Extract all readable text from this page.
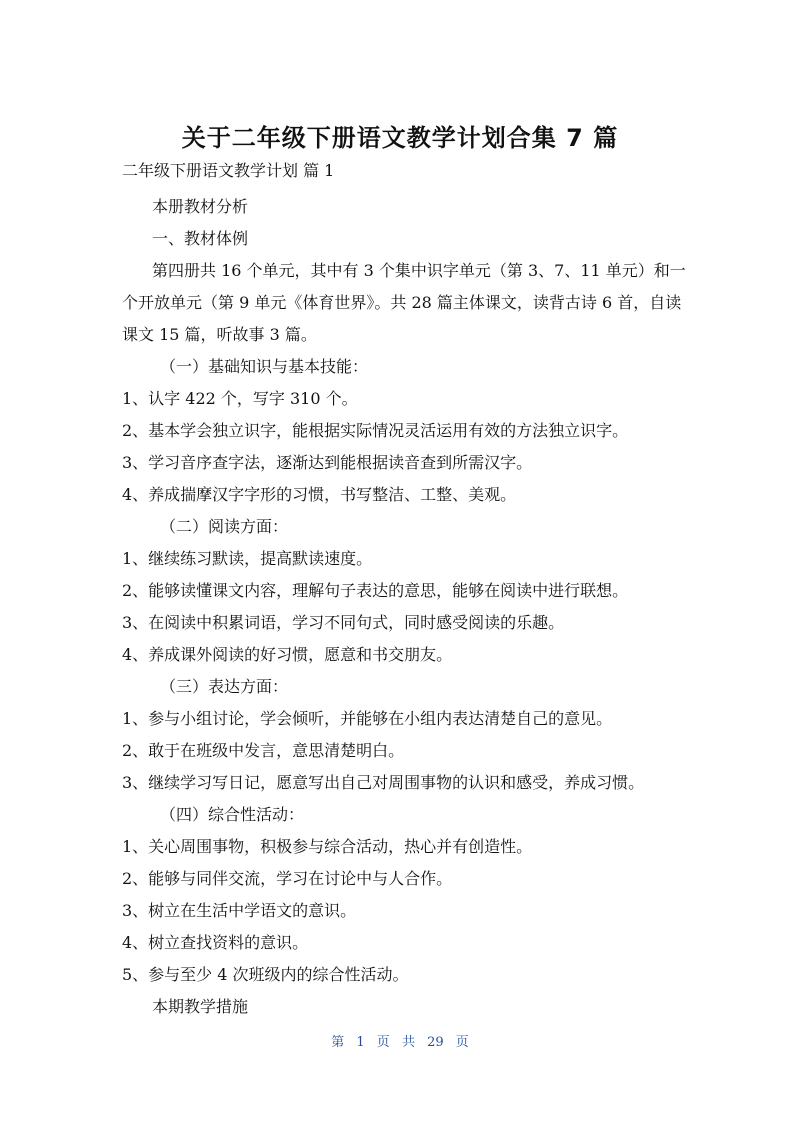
关于二年级下册语文教学计划合集 7 篇
二年级下册语文教学计划 篇 1
本册教材分析
一、教材体例
第四册共 16 个单元，其中有 3 个集中识字单元（第 3、7、11 单元）和一
个开放单元（第 9 单元《体育世界》。共 28 篇主体课文，读背古诗 6 首，自读
课文 15 篇，听故事 3 篇。
（一）基础知识与基本技能：
1、认字 422 个，写字 310 个。
2、基本学会独立识字，能根据实际情况灵活运用有效的方法独立识字。
3、学习音序查字法，逐渐达到能根据读音查到所需汉字。
4、养成揣摩汉字字形的习惯，书写整洁、工整、美观。
（二）阅读方面：
1、继续练习默读，提高默读速度。
2、能够读懂课文内容，理解句子表达的意思，能够在阅读中进行联想。
3、在阅读中积累词语，学习不同句式，同时感受阅读的乐趣。
4、养成课外阅读的好习惯，愿意和书交朋友。
（三）表达方面：
1、参与小组讨论，学会倾听，并能够在小组内表达清楚自己的意见。
2、敢于在班级中发言，意思清楚明白。
3、继续学习写日记，愿意写出自己对周围事物的认识和感受，养成习惯。
（四）综合性活动：
1、关心周围事物，积极参与综合活动，热心并有创造性。
2、能够与同伴交流，学习在讨论中与人合作。
3、树立在生活中学语文的意识。
4、树立查找资料的意识。
5、参与至少 4 次班级内的综合性活动。
本期教学措施
第 1 页 共 29 页
